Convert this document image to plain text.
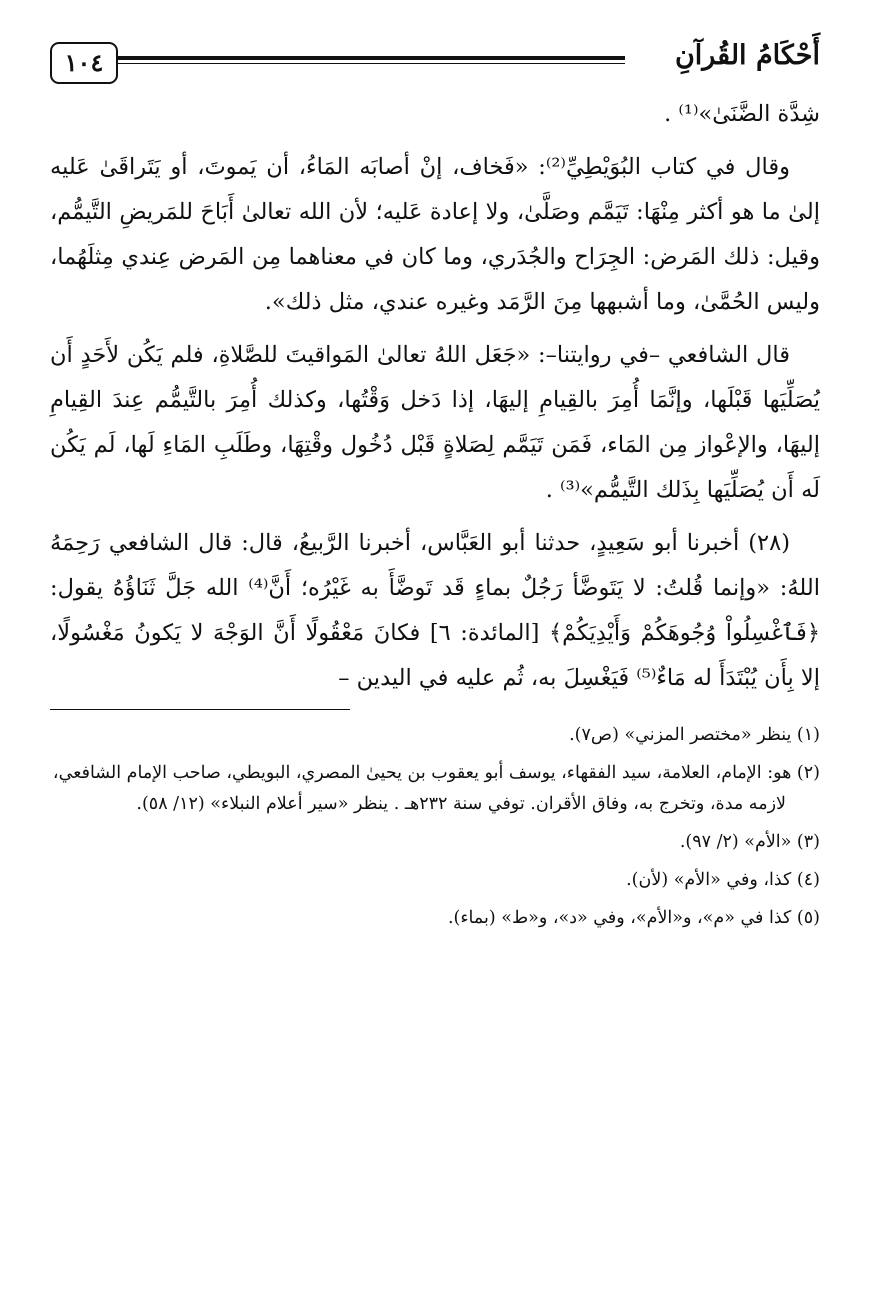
أَحْكَامُ القُرآنِ
١٠٤

شِدَّة الضَّنَىٰ»⁽¹⁾ .

وقال في كتاب البُوَيْطِيِّ⁽²⁾: «فَخاف، إنْ أصابَه المَاءُ، أن يَموتَ، أو يَتَراقَىٰ عَليه إلىٰ ما هو أكثر مِنْهَا: تَيَمَّم وصَلَّىٰ، ولا إعادة عَليه؛ لأن الله تعالىٰ أَبَاحَ للمَريضِ التَّيمُّم، وقيل: ذلك المَرض: الجِرَاح والجُدَري، وما كان في معناهما مِن المَرض عِندي مِثلَهُما، وليس الحُمَّىٰ، وما أشبهها مِنَ الرَّمَد وغيره عندي، مثل ذلك».

قال الشافعي –في روايتنا–: «جَعَل اللهُ تعالىٰ المَواقيتَ للصَّلاةِ، فلم يَكُن لأَحَدٍ أَن يُصَلِّيَها قَبْلَها، وإنَّمَا أُمِرَ بالقِيامِ إليهَا، إذا دَخل وَقْتُها، وكذلك أُمِرَ بالتَّيمُّم عِندَ القِيامِ إليهَا، والإعْواز مِن المَاء، فَمَن تَيَمَّم لِصَلاةٍ قَبْل دُخُول وقْتِهَا، وطَلَبِ المَاءِ لَها، لَم يَكُن لَه أَن يُصَلِّيَها بِذَلك التَّيمُّم»⁽³⁾ .

(٢٨) أخبرنا أبو سَعِيدٍ، حدثنا أبو العَبَّاس، أخبرنا الرَّبيعُ، قال: قال الشافعي رَحِمَهُ اللهُ: «وإنما قُلتُ: لا يَتَوضَّأ رَجُلٌ بماءٍ قَد تَوضَّأَ به غَيْرُه؛ أَنَّ⁽⁴⁾ الله جَلَّ ثَنَاؤُهُ يقول: ﴿فَٱغْسِلُواْ وُجُوهَكُمْ وَأَيْدِيَكُمْ﴾ [المائدة: ٦] فكانَ مَعْقُولًا أَنَّ الوَجْهَ لا يَكونُ مَغْسُولًا، إلا بِأَن يُبْتَدَأَ له مَاءٌ⁽⁵⁾ فَيَغْسِلَ به، ثُم عليه في اليدين –

(١) ينظر «مختصر المزني» (ص٧).
(٢) هو: الإمام، العلامة، سيد الفقهاء، يوسف أبو يعقوب بن يحيىٰ المصري، البويطي، صاحب الإمام الشافعي، لازمه مدة، وتخرج به، وفاق الأقران. توفي سنة ٢٣٢هـ . ينظر «سير أعلام النبلاء» (١٢/ ٥٨).
(٣) «الأم» (٢/ ٩٧).
(٤) كذا، وفي «الأم» (لأن).
(٥) كذا في «م»، و«الأم»، وفي «د»، و«ط» (بماء).
